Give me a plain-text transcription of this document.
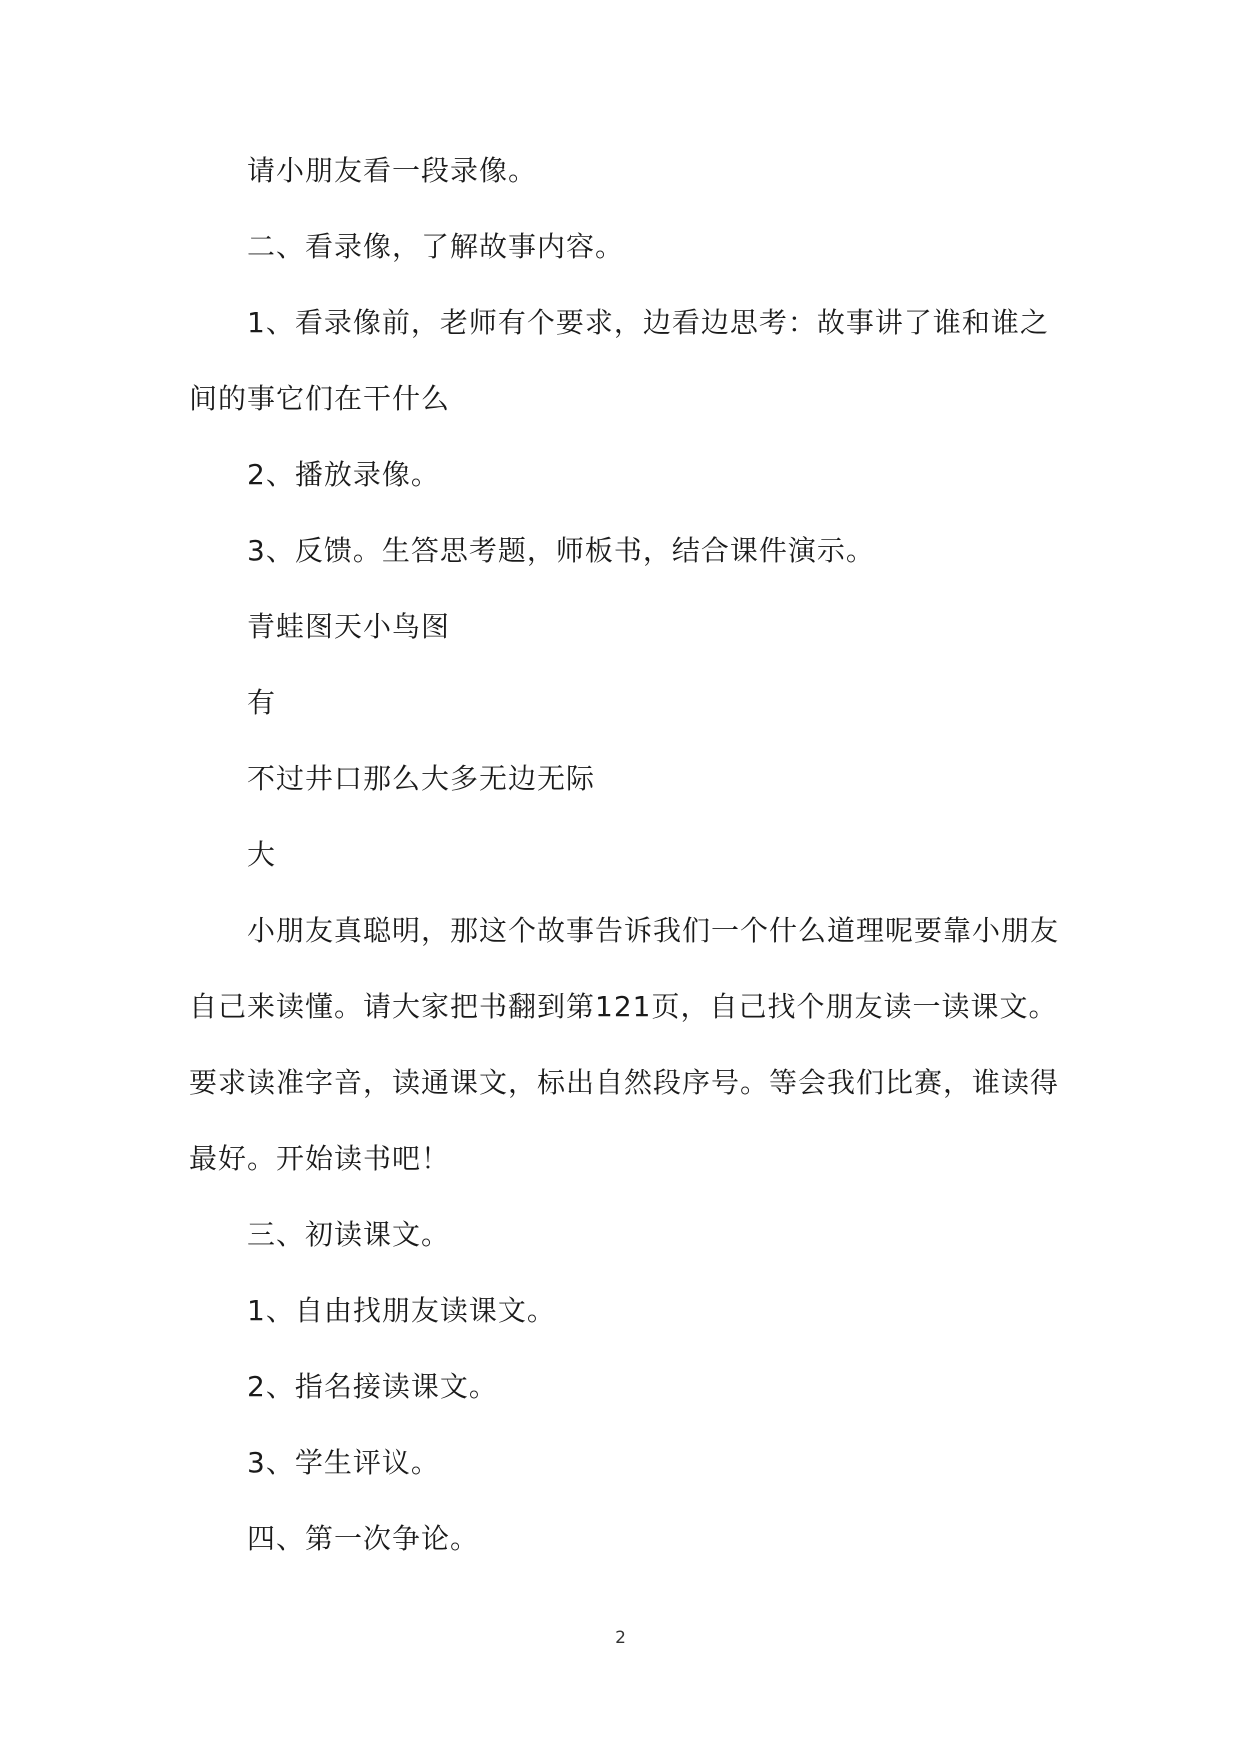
请小朋友看一段录像。

二、看录像，了解故事内容。

1、看录像前，老师有个要求，边看边思考：故事讲了谁和谁之间的事它们在干什么

2、播放录像。

3、反馈。生答思考题，师板书，结合课件演示。

青蛙图天小鸟图

有

不过井口那么大多无边无际

大

小朋友真聪明，那这个故事告诉我们一个什么道理呢要靠小朋友自己来读懂。请大家把书翻到第121页，自己找个朋友读一读课文。要求读准字音，读通课文，标出自然段序号。等会我们比赛，谁读得最好。开始读书吧！

三、初读课文。

1、自由找朋友读课文。

2、指名接读课文。

3、学生评议。

四、第一次争论。

2
